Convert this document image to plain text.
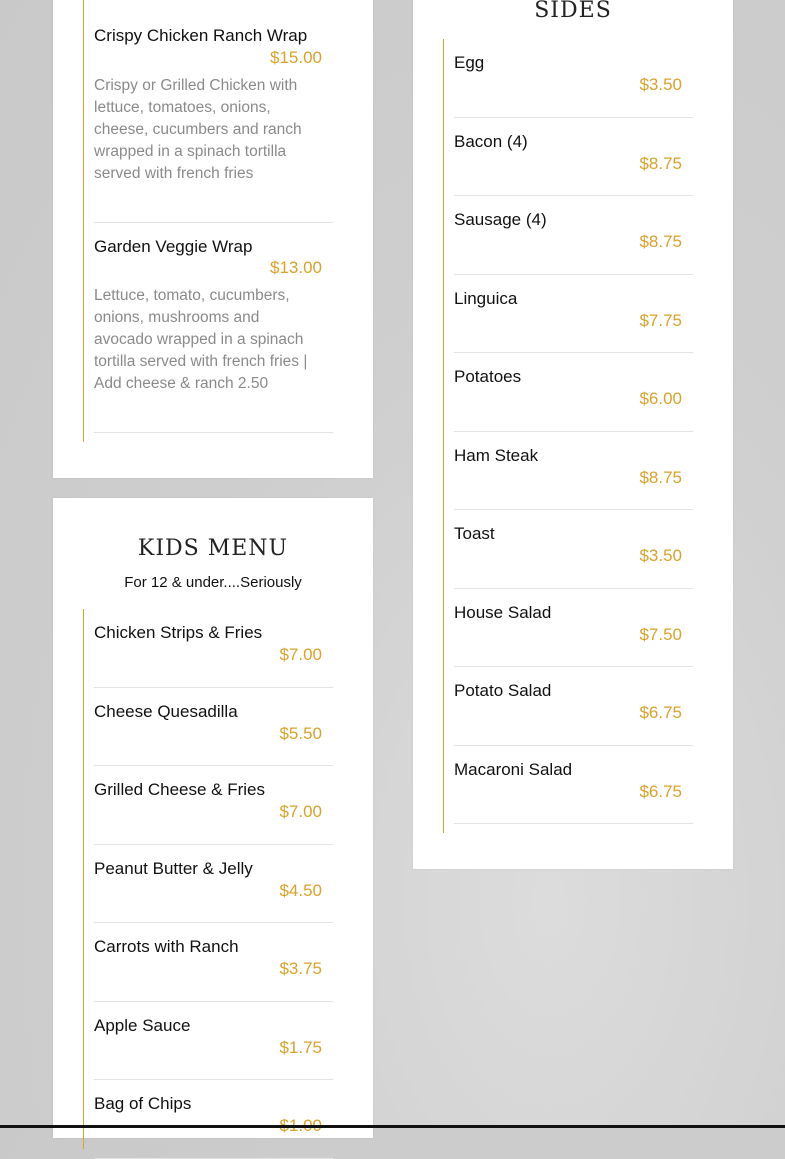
Crispy Chicken Ranch Wrap
$15.00
Crispy or Grilled Chicken with lettuce, tomatoes, onions, cheese, cucumbers and ranch wrapped in a spinach tortilla served with french fries
Garden Veggie Wrap
$13.00
Lettuce, tomato, cucumbers, onions, mushrooms and avocado wrapped in a spinach tortilla served with french fries | Add cheese & ranch 2.50
KIDS MENU
For 12 & under....Seriously
Chicken Strips & Fries
$7.00
Cheese Quesadilla
$5.50
Grilled Cheese & Fries
$7.00
Peanut Butter & Jelly
$4.50
Carrots with Ranch
$3.75
Apple Sauce
$1.75
Bag of Chips
SIDES
Egg
$3.50
Bacon (4)
$8.75
Sausage (4)
$8.75
Linguica
$7.75
Potatoes
$6.00
Ham Steak
$8.75
Toast
$3.50
House Salad
$7.50
Potato Salad
$6.75
Macaroni Salad
$6.75
